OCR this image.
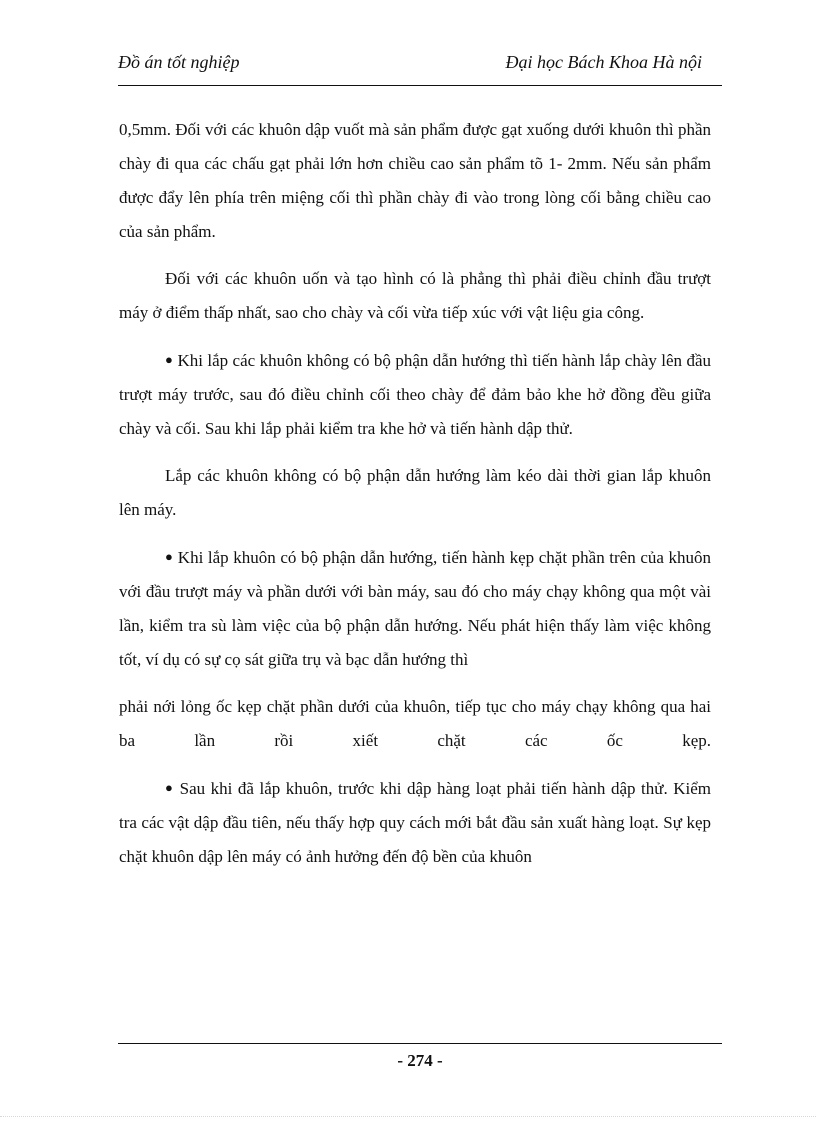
Đồ án tốt nghiệp	Đại học Bách Khoa Hà nội

0,5mm. Đối với các khuôn dập vuốt mà sản phẩm được gạt xuống dưới khuôn thì phần chày đi qua các chấu gạt phải lớn hơn chiều cao sản phẩm tõ 1- 2mm. Nếu sản phẩm được đẩy lên phía trên miệng cối thì phần chày đi vào trong lòng cối bằng chiều cao của sản phẩm.

Đối với các khuôn uốn và tạo hình có là phẳng thì phải điều chỉnh đầu trượt máy ở điểm thấp nhất, sao cho chày và cối vừa tiếp xúc với vật liệu gia công.

● Khi lắp các khuôn không có bộ phận dẫn hướng thì tiến hành lắp chày lên đầu trượt máy trước, sau đó điều chỉnh cối theo chày để đảm bảo khe hở đồng đều giữa chày và cối. Sau khi lắp phải kiểm tra khe hở và tiến hành dập thử.

Lắp các khuôn không có bộ phận dẫn hướng làm kéo dài thời gian lắp khuôn lên máy.

● Khi lắp khuôn có bộ phận dẫn hướng, tiến hành kẹp chặt phần trên của khuôn với đầu trượt máy và phần dưới với bàn máy, sau đó cho máy chạy không qua một vài lần, kiểm tra sù làm việc của bộ phận dẫn hướng. Nếu phát hiện thấy làm việc không tốt, ví dụ có sự cọ sát giữa trụ và bạc dẫn hướng thì

phải nới lỏng ốc kẹp chặt phần dưới của khuôn, tiếp tục cho máy chạy không qua hai ba lần rồi xiết chặt các ốc kẹp.

● Sau khi đã lắp khuôn, trước khi dập hàng loạt phải tiến hành dập thử. Kiểm tra các vật dập đầu tiên, nếu thấy hợp quy cách mới bắt đầu sản xuất hàng loạt. Sự kẹp chặt khuôn dập lên máy có ảnh hưởng đến độ bền của khuôn

- 274 -
